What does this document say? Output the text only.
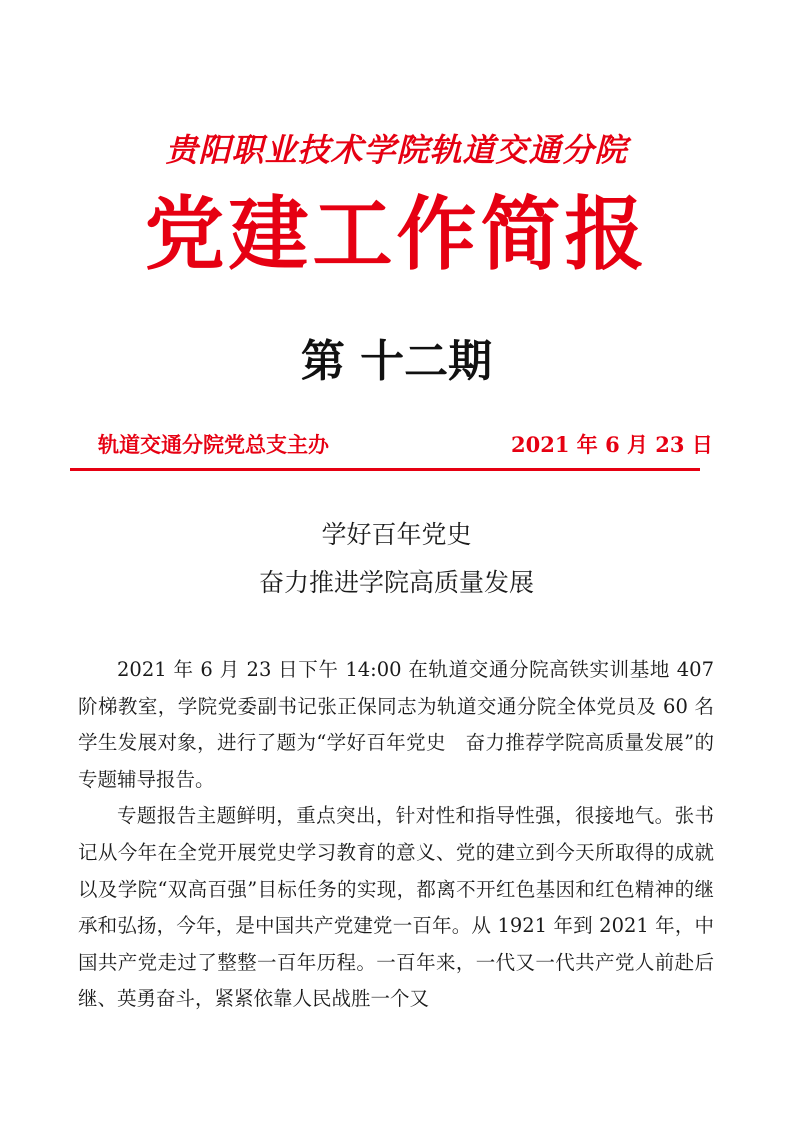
贵阳职业技术学院轨道交通分院
党建工作简报
第 十二期
轨道交通分院党总支主办	2021 年 6 月 23 日
学好百年党史
奋力推进学院高质量发展

2021 年 6 月 23 日下午 14:00 在轨道交通分院高铁实训基地 407 阶梯教室，学院党委副书记张正保同志为轨道交通分院全体党员及 60 名学生发展对象，进行了题为“学好百年党史　奋力推荐学院高质量发展”的专题辅导报告。

专题报告主题鲜明，重点突出，针对性和指导性强，很接地气。张书记从今年在全党开展党史学习教育的意义、党的建立到今天所取得的成就以及学院“双高百强”目标任务的实现，都离不开红色基因和红色精神的继承和弘扬，今年，是中国共产党建党一百年。从 1921 年到 2021 年，中国共产党走过了整整一百年历程。一百年来，一代又一代共产党人前赴后继、英勇奋斗，紧紧依靠人民战胜一个又
